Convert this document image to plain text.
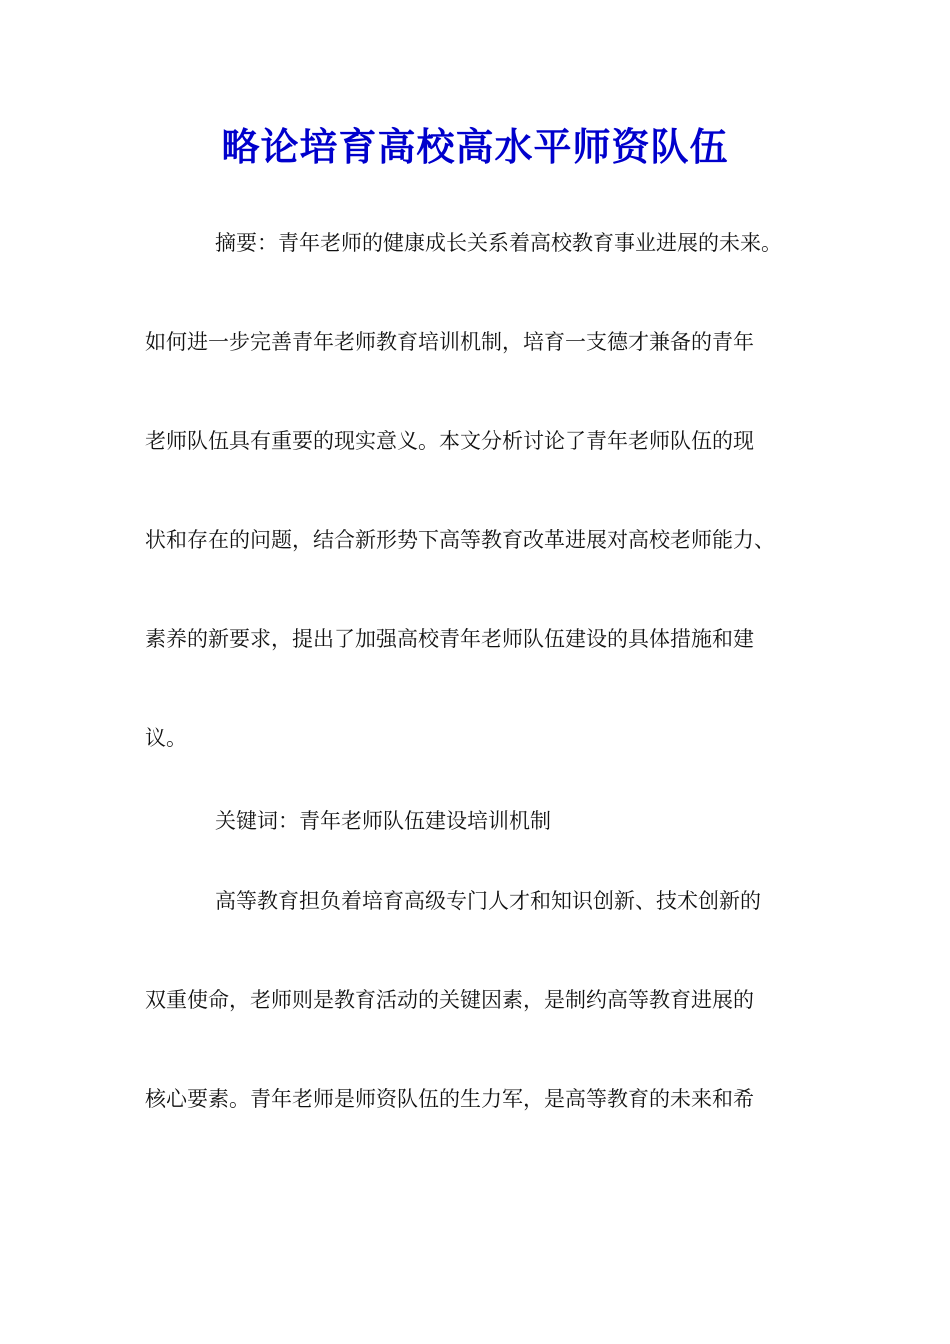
略论培育高校高水平师资队伍

摘要：青年老师的健康成长关系着高校教育事业进展的未来。

如何进一步完善青年老师教育培训机制，培育一支德才兼备的青年

老师队伍具有重要的现实意义。本文分析讨论了青年老师队伍的现

状和存在的问题，结合新形势下高等教育改革进展对高校老师能力、

素养的新要求，提出了加强高校青年老师队伍建设的具体措施和建

议。

关键词：青年老师队伍建设培训机制

高等教育担负着培育高级专门人才和知识创新、技术创新的

双重使命，老师则是教育活动的关键因素，是制约高等教育进展的

核心要素。青年老师是师资队伍的生力军，是高等教育的未来和希
